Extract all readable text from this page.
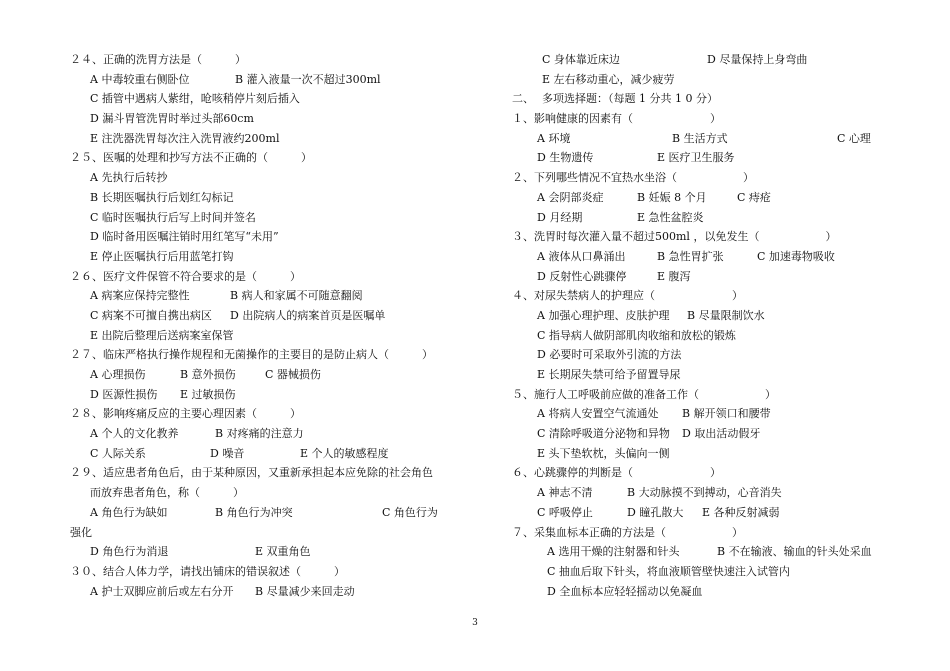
２４、正确的洗胃方法是（　　　）
A 中毒较重右侧卧位	B 灌入液量一次不超过300ml
C 插管中遇病人紫绀，呛咳稍停片刻后插入
D 漏斗胃管洗胃时举过头部60cm
E 注洗器洗胃每次注入洗胃液约200ml
２５、医嘱的处理和抄写方法不正确的（　　　）
A 先执行后转抄
B 长期医嘱执行后划红勾标记
C 临时医嘱执行后写上时间并签名
D 临时备用医嘱注销时用红笔写“未用”
E 停止医嘱执行后用蓝笔打钩
２６、医疗文件保管不符合要求的是（　　　）
A 病案应保持完整性	B 病人和家属不可随意翻阅
C 病案不可擅自携出病区 D 出院病人的病案首页是医嘱单
E 出院后整理后送病案室保管
２７、临床严格执行操作规程和无菌操作的主要目的是防止病人（　　　）
A 心理损伤	B 意外损伤	C 器械损伤
D 医源性损伤 E 过敏损伤
２８、影响疼痛反应的主要心理因素（　　　）
A 个人的文化教养	B 对疼痛的注意力
C 人际关系	D 噪音	E 个人的敏感程度
２９、适应患者角色后，由于某种原因，又重新承担起本应免除的社会角色
而放弃患者角色，称（　　　）
A 角色行为缺如	B 角色行为冲突	C 角色行为
强化
D 角色行为消退	E 双重角色
３０、结合人体力学，请找出铺床的错误叙述（　　　）
A 护士双脚应前后或左右分开 B 尽量减少来回走动
C 身体靠近床边	D 尽量保持上身弯曲
E 左右移动重心，减少疲劳
二、 多项选择题：（每题 1 分共 1 0 分）
１、影响健康的因素有（　　　　　　　）
A 环境	B 生活方式	C 心理
D 生物遗传	E 医疗卫生服务
２、下列哪些情况不宜热水坐浴（　　　　　　）
A 会阴部炎症	B 妊娠 8 个月	C 痔疮
D 月经期	E 急性盆腔炎
３、洗胃时每次灌入量不超过500ml ，以免发生（　　　　　　）
A 液体从口鼻涌出	B 急性胃扩张	C 加速毒物吸收
D 反射性心跳骤停	E 腹泻
４、对尿失禁病人的护理应（　　　　　　　）
A 加强心理护理、皮肤护理 B 尽量限制饮水
C 指导病人做阴部肌肉收缩和放松的锻炼
D 必要时可采取外引流的方法
E 长期尿失禁可给予留置导尿
５、施行人工呼吸前应做的准备工作（　　　　　　）
A 将病人安置空气流通处 B 解开领口和腰带
C 清除呼吸道分泌物和异物 D 取出活动假牙
E 头下垫软枕，头偏向一侧
６、心跳骤停的判断是（　　　　　　　）
A 神志不清	B 大动脉摸不到搏动，心音消失
C 呼吸停止	D 瞳孔散大 E 各种反射减弱
７、采集血标本正确的方法是（　　　　　　）
A 选用干燥的注射器和针头	B 不在输液、输血的针头处采血
C 抽血后取下针头，将血液顺管壁快速注入试管内
D 全血标本应轻轻摇动以免凝血
3
